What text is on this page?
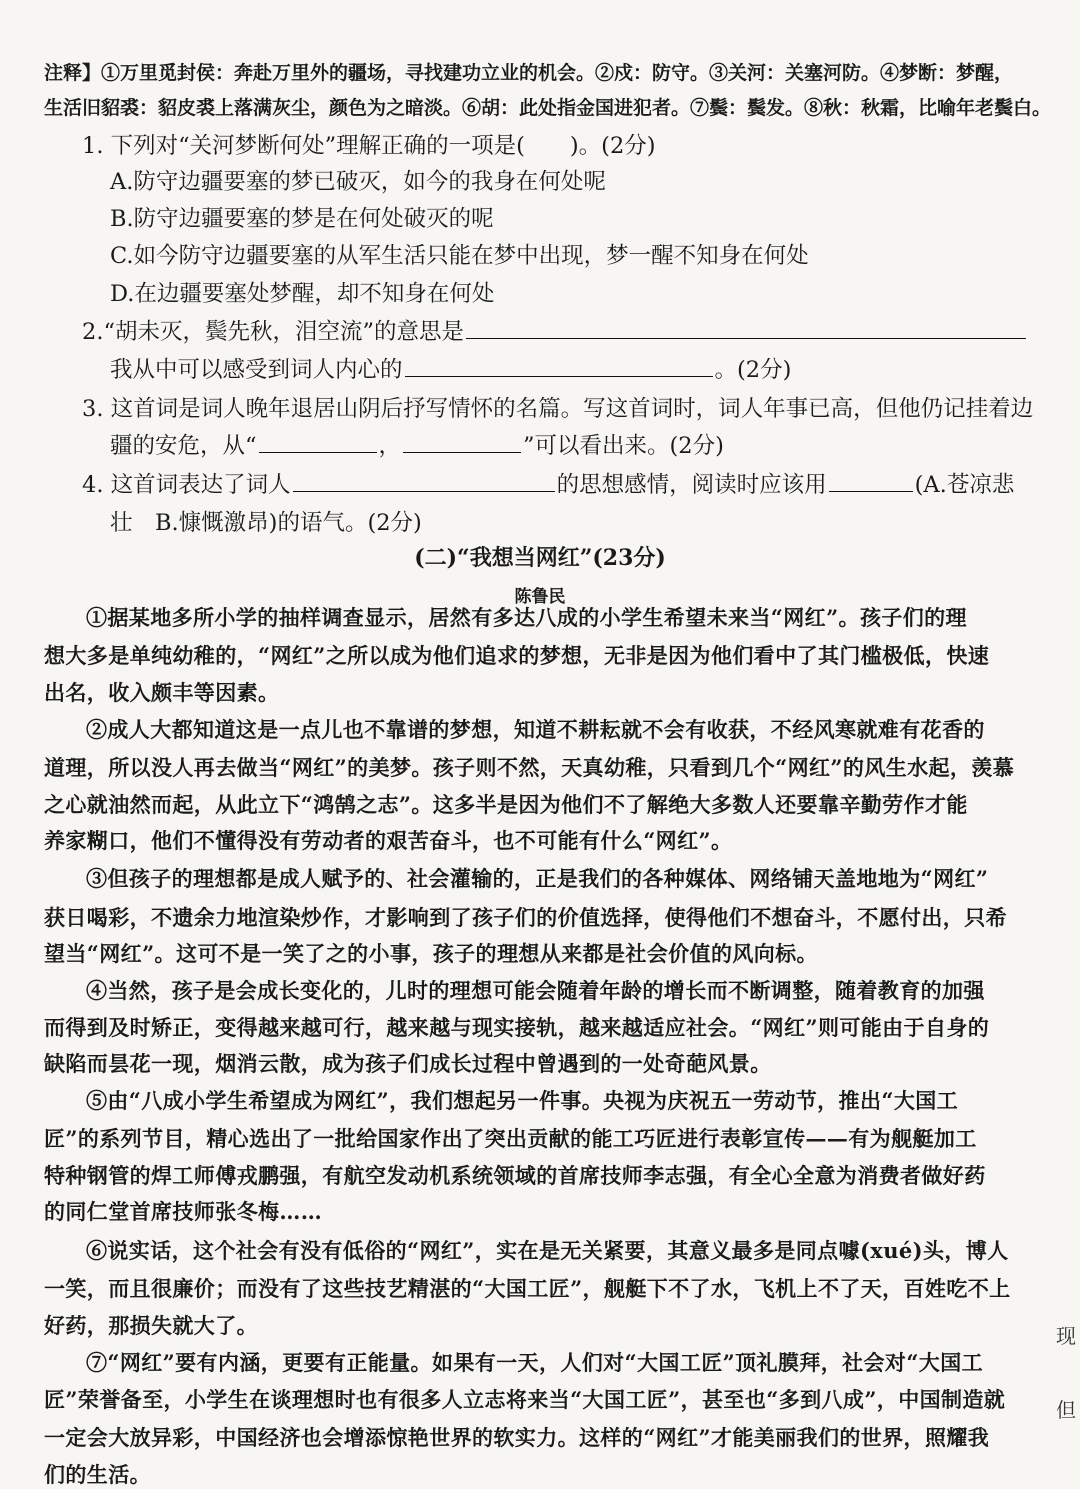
注释】①万里觅封侯：奔赴万里外的疆场，寻找建功立业的机会。②戍：防守。③关河：关塞河防。④梦断：梦醒，
生活旧貂裘：貂皮裘上落满灰尘，颜色为之暗淡。⑥胡：此处指金国进犯者。⑦鬓：鬓发。⑧秋：秋霜，比喻年老鬓白。
1. 下列对“关河梦断何处”理解正确的一项是(　　)。(2分)
A.防守边疆要塞的梦已破灭，如今的我身在何处呢
B.防守边疆要塞的梦是在何处破灭的呢
C.如今防守边疆要塞的从军生活只能在梦中出现，梦一醒不知身在何处
D.在边疆要塞处梦醒，却不知身在何处
2.“胡未灭，鬓先秋，泪空流”的意思是
我从中可以感受到词人内心的	。(2分)
3. 这首词是词人晚年退居山阴后抒写情怀的名篇。写这首词时，词人年事已高，但他仍记挂着边
疆的安危，从“	，	”可以看出来。(2分)
4. 这首词表达了词人	的思想感情，阅读时应该用	(A.苍凉悲
壮　B.慷慨激昂)的语气。(2分)
(二)“我想当网红”(23分)
陈鲁民
①据某地多所小学的抽样调查显示，居然有多达八成的小学生希望未来当“网红”。孩子们的理
想大多是单纯幼稚的，“网红”之所以成为他们追求的梦想，无非是因为他们看中了其门槛极低，快速
出名，收入颇丰等因素。
②成人大都知道这是一点儿也不靠谱的梦想，知道不耕耘就不会有收获，不经风寒就难有花香的
道理，所以没人再去做当“网红”的美梦。孩子则不然，天真幼稚，只看到几个“网红”的风生水起，羡慕
之心就油然而起，从此立下“鸿鹄之志”。这多半是因为他们不了解绝大多数人还要靠辛勤劳作才能
养家糊口，他们不懂得没有劳动者的艰苦奋斗，也不可能有什么“网红”。
③但孩子的理想都是成人赋予的、社会灌输的，正是我们的各种媒体、网络铺天盖地地为“网红”
获日喝彩，不遗余力地渲染炒作，才影响到了孩子们的价值选择，使得他们不想奋斗，不愿付出，只希
望当“网红”。这可不是一笑了之的小事，孩子的理想从来都是社会价值的风向标。
④当然，孩子是会成长变化的，儿时的理想可能会随着年龄的增长而不断调整，随着教育的加强
而得到及时矫正，变得越来越可行，越来越与现实接轨，越来越适应社会。“网红”则可能由于自身的
缺陷而昙花一现，烟消云散，成为孩子们成长过程中曾遇到的一处奇葩风景。
⑤由“八成小学生希望成为网红”，我们想起另一件事。央视为庆祝五一劳动节，推出“大国工
匠”的系列节目，精心选出了一批给国家作出了突出贡献的能工巧匠进行表彰宣传——有为舰艇加工
特种钢管的焊工师傅戎鹏强，有航空发动机系统领域的首席技师李志强，有全心全意为消费者做好药
的同仁堂首席技师张冬梅……
⑥说实话，这个社会有没有低俗的“网红”，实在是无关紧要，其意义最多是同点噱(xué)头，博人
一笑，而且很廉价；而没有了这些技艺精湛的“大国工匠”，舰艇下不了水，飞机上不了天，百姓吃不上
好药，那损失就大了。
⑦“网红”要有内涵，更要有正能量。如果有一天，人们对“大国工匠”顶礼膜拜，社会对“大国工
匠”荣誉备至，小学生在谈理想时也有很多人立志将来当“大国工匠”，甚至也“多到八成”，中国制造就
一定会大放异彩，中国经济也会增添惊艳世界的软实力。这样的“网红”才能美丽我们的世界，照耀我
们的生活。
现
但
